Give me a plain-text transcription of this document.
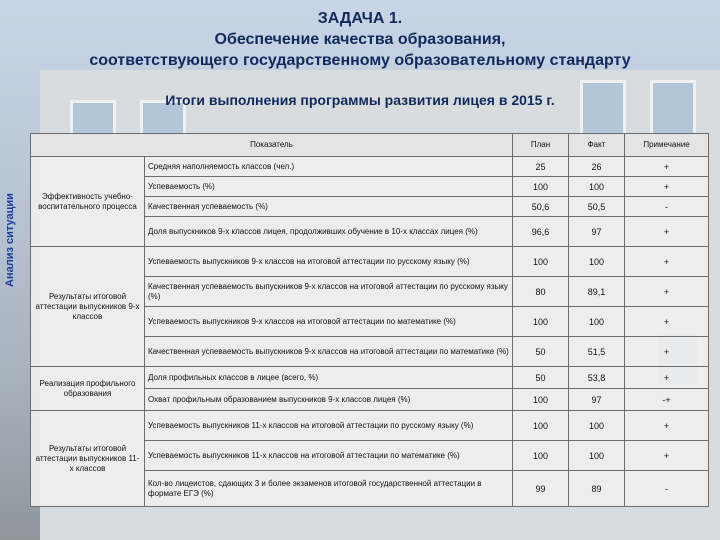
ЗАДАЧА 1.
Обеспечение качества образования,
соответствующего государственному образовательному стандарту
Итоги выполнения программы развития лицея в 2015 г.
Анализ ситуации
Показатель		План	Факт	Примечание
Эффективность учебно-воспитательного процесса	Средняя наполняемость классов (чел.)	25	26	+
	Успеваемость (%)	100	100	+
	Качественная успеваемость (%)	50,6	50,5	-
	Доля выпускников 9-х классов лицея, продолживших обучение в 10-х классах лицея (%)	96,6	97	+
Результаты итоговой аттестации выпускников 9-х классов	Успеваемость выпускников 9-х классов на итоговой аттестации по русскому языку (%)	100	100	+
	Качественная успеваемость выпускников 9-х классов на итоговой аттестации по русскому языку (%)	80	89,1	+
	Успеваемость выпускников 9-х классов на итоговой аттестации по математике (%)	100	100	+
	Качественная успеваемость выпускников 9-х классов на итоговой аттестации по математике (%)	50	51,5	+
Реализация профильного образования	Доля профильных классов в лицее (всего, %)	50	53,8	+
	Охват профильным образованием выпускников 9-х классов лицея (%)	100	97	-+
Результаты итоговой аттестации выпускников 11-х классов	Успеваемость выпускников 11-х классов на итоговой аттестации по русскому языку (%)	100	100	+
	Успеваемость выпускников 11-х классов на итоговой аттестации по математике (%)	100	100	+
	Кол-во лицеистов, сдающих 3 и более экзаменов итоговой государственной аттестации в формате ЕГЭ (%)	99	89	-
